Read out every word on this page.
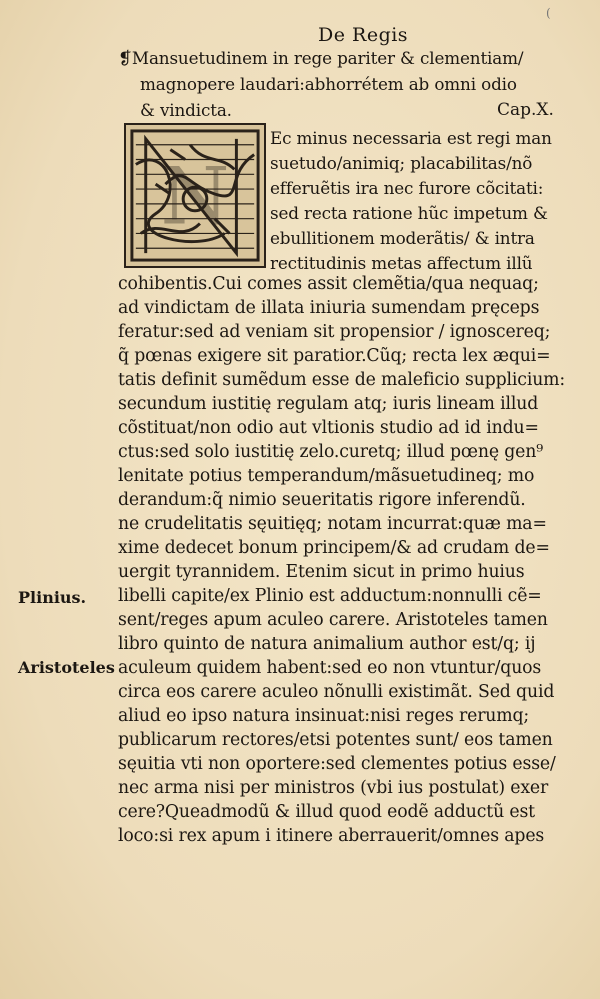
De Regis
(
❡Mansuetudinem in rege pariter & clementiam/
magnopere laudari:abhorrétem ab omni odio
& vindicta.	Cap.X.
N
Ec minus necessaria est regi man
suetudo/animiq; placabilitas/nõ
efferuẽtis ira nec furore cõcitati:
sed recta ratione hũc impetum &
ebullitionem moderãtis/ & intra
rectitudinis metas affectum illũ
cohibentis.Cui comes assit clemẽtia/qua nequaq;
ad vindictam de illata iniuria sumendam pręceps
feratur:sed ad veniam sit propensior / ignoscereq;
q̃ pœnas exigere sit paratior.Cũq; recta lex æqui=
tatis definit sumẽdum esse de maleficio supplicium:
secundum iustitię regulam atq; iuris lineam illud
cõstituat/non odio aut vltionis studio ad id indu=
ctus:sed solo iustitię zelo.curetq; illud pœnę gen⁹
lenitate potius temperandum/mãsuetudineq; mo
derandum:q̃ nimio seueritatis rigore inferendũ.
ne crudelitatis sęuitięq; notam incurrat:quæ ma=
xime dedecet bonum principem/& ad crudam de=
uergit tyrannidem. Etenim sicut in primo huius
libelli capite/ex Plinio est adductum:nonnulli cẽ=
sent/reges apum aculeo carere. Aristoteles tamen
libro quinto de natura animalium author est/q; ij
aculeum quidem habent:sed eo non vtuntur/quos
circa eos carere aculeo nõnulli existimãt. Sed quid
aliud eo ipso natura insinuat:nisi reges rerumq;
publicarum rectores/etsi potentes sunt/ eos tamen
sęuitia vti non oportere:sed clementes potius esse/
nec arma nisi per ministros (vbi ius postulat) exer
cere?Queadmodũ & illud quod eodẽ adductũ est
loco:si rex apum i itinere aberrauerit/omnes apes
Plinius.
Aristoteles
